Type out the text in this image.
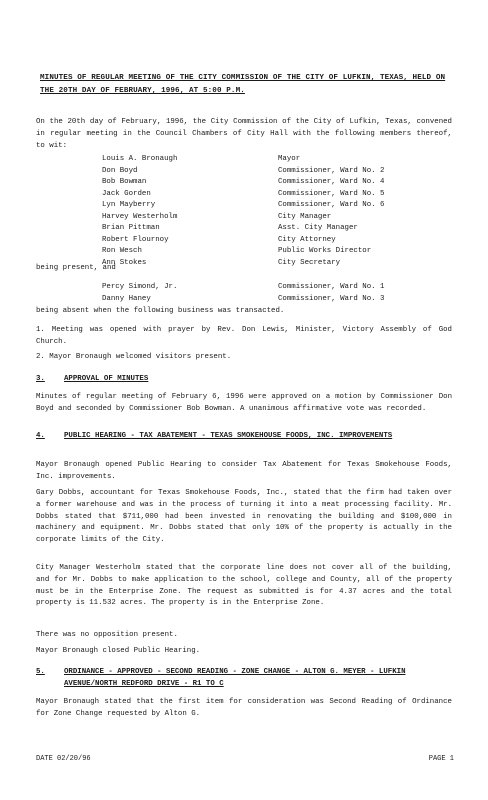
MINUTES OF REGULAR MEETING OF THE CITY COMMISSION OF THE CITY OF LUFKIN, TEXAS, HELD ON THE 20TH DAY OF FEBRUARY, 1996, AT 5:00 P.M.
On the 20th day of February, 1996, the City Commission of the City of Lufkin, Texas, convened in regular meeting in the Council Chambers of City Hall with the following members thereof, to wit:
Louis A. Bronaugh	Mayor
Don Boyd	Commissioner, Ward No. 2
Bob Bowman	Commissioner, Ward No. 4
Jack Gorden	Commissioner, Ward No. 5
Lyn Mayberry	Commissioner, Ward No. 6
Harvey Westerholm	City Manager
Brian Pittman	Asst. City Manager
Robert Flournoy	City Attorney
Ron Wesch	Public Works Director
Ann Stokes	City Secretary
being present, and
Percy Simond, Jr.	Commissioner, Ward No. 1
Danny Haney	Commissioner, Ward No. 3
being absent when the following business was transacted.
1. Meeting was opened with prayer by Rev. Don Lewis, Minister, Victory Assembly of God Church.
2. Mayor Bronaugh welcomed visitors present.
3.	APPROVAL OF MINUTES
Minutes of regular meeting of February 6, 1996 were approved on a motion by Commissioner Don Boyd and seconded by Commissioner Bob Bowman. A unanimous affirmative vote was recorded.
4.	PUBLIC HEARING - TAX ABATEMENT - TEXAS SMOKEHOUSE FOODS, INC. IMPROVEMENTS
Mayor Bronaugh opened Public Hearing to consider Tax Abatement for Texas Smokehouse Foods, Inc. improvements.
Gary Dobbs, accountant for Texas Smokehouse Foods, Inc., stated that the firm had taken over a former warehouse and was in the process of turning it into a meat processing facility. Mr. Dobbs stated that $711,000 had been invested in renovating the building and $100,000 in machinery and equipment. Mr. Dobbs stated that only 10% of the property is actually in the corporate limits of the City.
City Manager Westerholm stated that the corporate line does not cover all of the building, and for Mr. Dobbs to make application to the school, college and County, all of the property must be in the Enterprise Zone. The request as submitted is for 4.37 acres and the total property is 11.532 acres. The property is in the Enterprise Zone.
There was no opposition present.
Mayor Bronaugh closed Public Hearing.
5.	ORDINANCE - APPROVED - SECOND READING - ZONE CHANGE - ALTON G. MEYER - LUFKIN AVENUE/NORTH REDFORD DRIVE - R1 TO C
Mayor Bronaugh stated that the first item for consideration was Second Reading of Ordinance for Zone Change requested by Alton G.
DATE 02/20/96	PAGE 1
